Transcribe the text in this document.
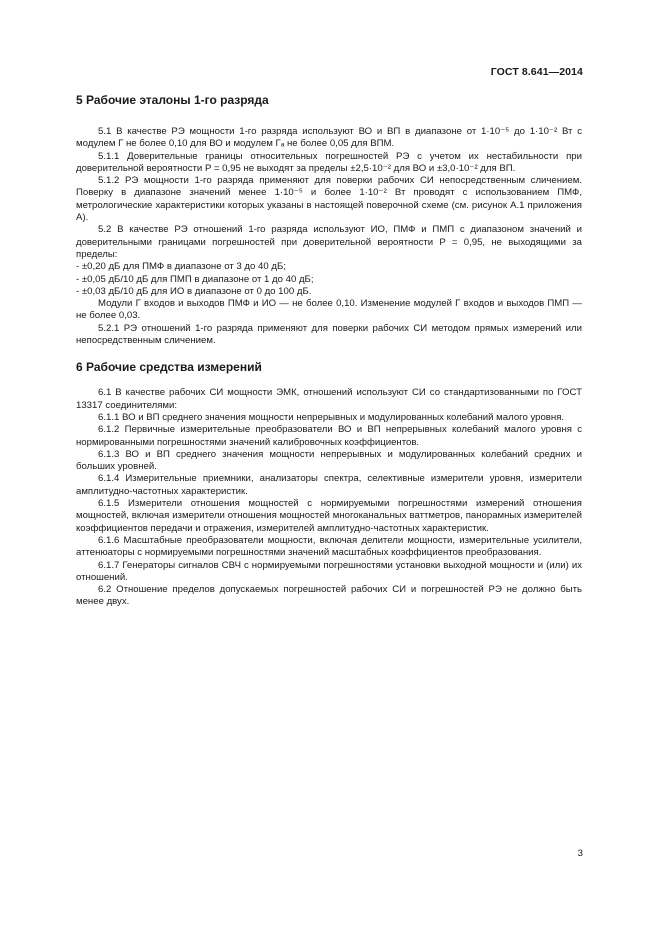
ГОСТ 8.641—2014
5 Рабочие эталоны 1-го разряда

5.1 В качестве РЭ мощности 1-го разряда используют ВО и ВП в диапазоне от 1·10⁻⁵ до 1·10⁻² Вт с модулем Г не более 0,10 для ВО и модулем Гₐ не более 0,05 для ВПМ.

5.1.1 Доверительные границы относительных погрешностей РЭ с учетом их нестабильности при доверительной вероятности P = 0,95 не выходят за пределы ±2,5·10⁻² для ВО и ±3,0·10⁻² для ВП.

5.1.2 РЭ мощности 1-го разряда применяют для поверки рабочих СИ непосредственным сличением. Поверку в диапазоне значений менее 1·10⁻⁵ и более 1·10⁻² Вт проводят с использованием ПМФ, метрологические характеристики которых указаны в настоящей поверочной схеме (см. рисунок А.1 приложения А).

5.2 В качестве РЭ отношений 1-го разряда используют ИО, ПМФ и ПМП с диапазоном значений и доверительными границами погрешностей при доверительной вероятности P = 0,95, не выходящими за пределы:

- ±0,20 дБ для ПМФ в диапазоне от 3 до 40 дБ;

- ±0,05 дБ/10 дБ для ПМП в диапазоне от 1 до 40 дБ;

- ±0,03 дБ/10 дБ для ИО в диапазоне от 0 до 100 дБ.

Модули Г входов и выходов ПМФ и ИО — не более 0,10. Изменение модулей Г входов и выходов ПМП — не более 0,03.

5.2.1 РЭ отношений 1-го разряда применяют для поверки рабочих СИ методом прямых измерений или непосредственным сличением.

6 Рабочие средства измерений

6.1 В качестве рабочих СИ мощности ЭМК, отношений используют СИ со стандартизованными по ГОСТ 13317 соединителями:

6.1.1 ВО и ВП среднего значения мощности непрерывных и модулированных колебаний малого уровня.

6.1.2 Первичные измерительные преобразователи ВО и ВП непрерывных колебаний малого уровня с нормированными погрешностями значений калибровочных коэффициентов.

6.1.3 ВО и ВП среднего значения мощности непрерывных и модулированных колебаний средних и больших уровней.

6.1.4 Измерительные приемники, анализаторы спектра, селективные измерители уровня, измерители амплитудно-частотных характеристик.

6.1.5 Измерители отношения мощностей с нормируемыми погрешностями измерений отношения мощностей, включая измерители отношения мощностей многоканальных ваттметров, панорамных измерителей коэффициентов передачи и отражения, измерителей амплитудно-частотных характеристик.

6.1.6 Масштабные преобразователи мощности, включая делители мощности, измерительные усилители, аттенюаторы с нормируемыми погрешностями значений масштабных коэффициентов преобразования.

6.1.7 Генераторы сигналов СВЧ с нормируемыми погрешностями установки выходной мощности и (или) их отношений.

6.2 Отношение пределов допускаемых погрешностей рабочих СИ и погрешностей РЭ не должно быть менее двух.

3
